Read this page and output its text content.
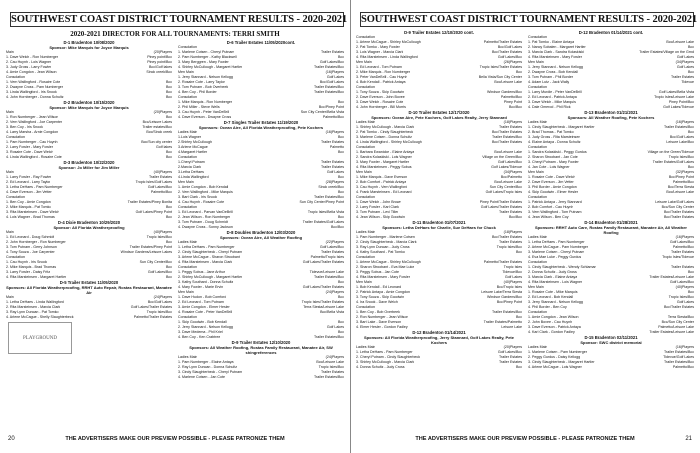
SOUTHWEST COAST DISTRICT TOURNAMENT RESULTS - 2020-2021
2020-2021 DIRECTOR FOR ALL TOURNAMENTS: TERRI SMITH
D-1 Bradenton 10/08/2020
Sponsor: Mike Marquis for Joyce Marquis
Main	(20)Players
1. Dave Welch - Ron Numberger	Piney point/Bcc
2. Cau Huynh - Lois Wagner	Piney point/Bcc
3. Judy Gross - Larry Fowler	Bcc/Golf lakes
4. Arnie Congdon - Jean Wilson	Sinck creek/Bcc
Consolation
1. Vern Wallingford - Rosaire Cote	Bcc
2. Dwayne Cross - Pam Numberger	Bcc
3. Linda Wallingford - Iris Snook	Bcc
4. John Hornberger - Donna Schultz	Bcc
D-2 Bradenton 10/15/2020
Sponsor: Mike Marquis for Joyce Marquis
Main	(20)Players
1. Ron Numberger - Jean Wilson	Bcc
2. Vern Wallingford - Joe Carpenter	Bcc/Leisure Lakes
3. Ben Coy - Iris Snook	Trailer estates/Bcc
4. Larry Marsha - Arnie Congdon	Bcc/Sinck creek
Consolation
1. Pam Numberger - Cau Huynh	Bcc/Sun city center
2. Larry Fowler - Mary Fowler	Golf lakes
3. Rosaire Cote - Dave Welch	Bcc
4. Linda Wallingford - Rosaire Cote	Bcc
D-3 Bradenton 10/22/2020
Sponsor: Jo Miller for Jim Miller
Main	(40)Players
1. Larry Fowler - Ray Fowler	Trailer Estates
2. Ed Leonard - Larry Taylor	Tropic Isles/Golf Lakes
3. Letha DeHaes - Pam Numberger	Golf Lakes/Bcc
4. Dave Everson - Jim Vetter	Palmetto/Bcc
Consolation
1. Ben Coy - Arnie Congdon	Trailer Estates/Piney Bonita
2. Mike Marquis - Pat Tomko	Bcc
3. Rita Marsteinsen - Dave Welch	Golf Lakes/Piney Point
4. Lois Wagner - Brad Thomas	Bcc
D-4 Dixie Bradenton 10/29/2020
Sponsor: All Florida Weatherproofing
Main	(40)Players
1. Ed Leonard - Doug Schmidt	Tropic Isles/Bcc
2. John Hornberger - Ron Numberger	Bcc
3. Tom Putnam - Gerry Johnson	Trailer Estates/Piney Point
4. Tony Souza - Joe Carpenter	Windsor Gardens/Leisure Lakes
Consolation
1. Cau Huynh - Iris Snook	Sun City Center/Bcc
2. Mike Marquis - Brad Thomas	Bcc
3. Larry Fowler - Daisy Fritz	Golf Lakes/Bcc
4. Rita Marsteinsen - Margaret Hartler	Bcc
D-5 Trailer Estates 11/05/2020
Sponsors: All Florida Weatherproofing, RRHT Auto Repair, Rostas Restaurant, Manatee Air
Main	(24)Players
1. Letha DeHaes - Linda Wallingford	Bcc/Golf Lakes
2. Rita Marsteinsen - Marcia Clark	Golf Lakes/Trailer Estates
3. Ray Lynn Duncan - Pat Tomko	Tropic Isles/Bcc
4. Arlene McCague - Shelly Slaughterbeck	Palmetto/Trailer Estates
PLAYGROUND
D-6 Trailer Estates 11/05/2020cont.
Consolation
1. Marlene Cotsen - Cheryl Putnam	Trailer Estates
2. Pam Numberger - Kathy Blackwell	Bcc
3. Mary Berggren - Mary Fowler	Golf Lakes/Bcc
4. Shirley McCullough - Margaret Hartler	Trailer Estates/Bcc
Men Main	(16)Players
1. Jerry Stannard - Nelson Kellogg	Golf Lakes
2. Rosaire Cote - Larry Taylor	Bcc/Golf Lakes
3. Tom Putnam - Bob Overbeek	Trailer Estates/Bcc
4. Ben Coy - Phil Border	Trailer Estates/Bcc
Consolation
1. Mike Marquis - Ron Numberger	Bcc
2. Phil Miller - Steve Wells	Bcc/Piney Point
3. Cau Huynh - Peter VanDeBrill	Sun City Center/Bella Vista
4. Dave Everson - Dwayne Cross	Palmetto/Bcc
D-7 Singles Trailer Estates 11/19/2020
Sponsors: Ocean Aire, All Florida Weatherproofing, Pete Kochers
Ladies Main	(16)Players
1.Lois Wagner	Bcc
2.Shirley McCullough	Trailer Estates
3.Arlene McCague	Palmetto
4.Margaret Hartler	Bcc
Consolation
1.Cheryl Putnam	Trailer Estates
2.Marcia Clark	Trailer Estates
3.Letha DeHaes	Golf Lakes
4.Linda Wallingford	Bcc
Men Main	(28)Players
1. Arnie Congdon - Bob Kendall	Sinck creek/Bcc
2. Vern Wallingford - Mike Marquis	Bcc
3. Bart Clark - Iris Snook	Trailer Estates/Bcc
4. Cau Huynh - Rosaire Cote	Sun City Center/Piney Point
Consolation
1. Ed Leonard - Parvan VanDeBrill	Tropic Isles/Bella Vista
2. Jean Wilson - Ron Numberger	Bcc
3. Tom Putnam - Doug Schmidt	Trailer Estates/Golf Lakes
4. Dwayne Cross - Sonny Jackson	Bcc/Bcc
D-8 Doubles Bradenton 12/03/2020
Sponsors: Ocean Aire, All Weather Roofing
Ladies Main	(22)Players
1. Letha DeHaes - Pam Numberger	Golf Lakes/Bcc
2. Cindy Slaughterbeck - Cheryl Putnam	Trailer Estates
3. Arlene McCague - Sharon Stroobant	Palmetto/Tropic Isles
4. Rita Marsteinsen - Marcia Clark	Golf Lakes/Trailer Estates
Consolation
1. Peggy Sobus - Jane Arthur	Tidevue/Leisure Lake
2. Shirley McCullough - Margaret Hartler	Trailer Estates/Bcc
3. Kathy Southard - Donna Schultz	Bcc
4. Mary Fowler - Marie Ervin	Golf Lakes/Trailer Estates
Men Main	(24)Players
1. Dave Hudon - Bob Comford	Bcc
2. Ed Leonard - Tom Putnam	Tropic Isles/Trailer Estates
3. Arnie Congdon - Elmer Hesler	Terra Siesta/Leisure Lake
4. Rosaire Cote - Peter VanDeBrill	Bcc/Bella Vista
Consolation
1. Skip Goodwin - Bob Kendall	Bcc
2. Jerry Stannard - Nelson Kellogg	Golf Lakes
3. Dave Medema - Phil Kriel	Bcc
4. Ben Coy - Ken Crabtree	Trailer Estates/Bcc
D-9 Trailer Estates 12/10/2020
Sponsors: All Weather Roofing, Rostas Family Restaurant, Manatee Air, SW shingreferences
Ladies Main	(24)Players
1. Pam Numberger - Elaine Antaya	Bcc/Leisure Lake
2. Ray Lynn Duncan - Donna Schultz	Tropic Isles/Bcc
3. Cindy Slaughterbeck - Cheryl Putnam	Trailer Estates
4. Marlene Cotsen - Jan Cote	Trailer Estates/Bcc
20	THE ADVERTISERS MAKE OUR PREVIEW POSSIBLE - PLEASE PATRONIZE THEM
SOUTHWEST COAST DISTRICT TOURNAMENT RESULTS - 2020-2021
D-9 Trailer Estates 12/10/2020 cont.
Consolation
1. Arlene McCague - Shirley McCullough	Palmetto/Trailer Estates
2. Pat Tomko - Mary Fowler	Bcc/Golf Lakes
3. Lois Wagner - Marcia Clark	Bcc/Trailer Estates
4. Rita Marsteinsen - Linda Wallingford	Golf Lakes/Bcc
Men Main	(26)Players
1. Ed Leonard - Tom Putnam	Tropic Isles/Trailer Estates
2. Mike Marquis - Ron Numberger	Bcc
3. Peter VanDeBrill - Cau Huynh	Bella Vista/Sun City Center
4. Bob Kendall - Patrick Antaya	Bcc/Leisure Lake
Consolation
1. Tony Souza - Skip Goodwin	Windsor Gardens/Bcc
2. Dave Everson - John Bovee	Palmetto/Bcc
3. Dave Welch - Rosaire Cote	Piney Point
4. John Hornberger - Bill Morris	Bcc/Bcc
D-10 Trailer Estates 12/17/2020
Sponsors: Ocean Aire, Pete Kochers, Golf Lakes Realty, Jerry Stannard
Ladies Main	(18)Players
1. Shirley McCullough - Marcia Clark	Trailer Estates
2. Pat Tomko - Cindy Slaughterbeck	Bcc/Trailer Estates
3. Marlene Cotsen - Donna Schultz	Trailer Estates/Bcc
4. Linda Wallingford - Shirley McCullough	Bcc/Trailer Estates
Consolation
1. Barbara Ewanicke - Elaine Antaya	Bcc/Leisure Lake
2. Sandra Kolaskiski - Lois Wagner	Village on the Green/Bcc
3. Mary Fowler - Margaret Hartler	Golf Lakes/Bcc
4. Rita Marsteinsen - Peggy Sobus	Golf Lakes/Tidevue
Men Main	(34)Players
1. Mike Marquis - Dave Everson	Bcc/Palmetto
2. Bob Comfort - Patrick Antaya	Bcc/Leisure Lake
3. Cau Huynh - Vern Wallingford	Sun City Center/Bcc
4. Frank Marsteinsen - Ed Leonard	Golf Lakes/Tropic Isles
Consolation
1. Dave Welch - John Brown	Piney Point/Trailer Estates
2. Larry Fowler - Karl Clark	Golf Lakes/Trailer Estates
3. Tom Putnam - Levi Tiller	Trailer Estates
4. Jean Wilson - Skip Goodwin	Bcc/Bcc
D-11 Bradenton 01/07/2021
Sponsors: Letha DeHaes for Charlie, Sue DeHaes for Chuck
Ladies Main	(18)Players
1. Pam Numberger - Marlene Cotsen	Bcc/Trailer Estates
2. Cindy Slaughterbeck - Marcia Clark	Trailer Estates
3. Ray Lynn Duncan - Judy Cross	Tropic Isles/Bcc
4. Kathy Southard - Pat Tomko	Bcc
Consolation
1. Arlene McCague - Shirley McCullough	Palmetto/Trailer Estates
2. Sharon Stroobant - Eva Mae Luke	Tropic Isles
3. Peggy Sobus - Jan Cote	Tidevue/Bcc
4. Rita Marsteinsen - Mary Fowler	Golf Lakes
Men Main	(40)Players
1. Bob Kendall - Ed Leonard	Bcc/Tropic Isles
2. Patrick Antaya - Arnie Congdon	Leisure Lake/Terra Siesta
3. Tony Souza - Skip Goodwin	Windsor Gardens/Bcc
4. Ira Snook - Dave Welch	Bcc/Piney Point
Consolation
1. Ben Coy - Bob Overbeek	Trailer Estates/Bcc
2. Ron Numberger - Jean Wilson	Bcc
3. Bart Lake - Dave Everson	Trailer Estates/Palmetto
4. Elmer Hesler - Gordon Fadley	Leisure Lake
D-12 Bradenton 01/14/2021
Sponsors: All Florida Weatherproofing, Jerry Stannard, Golf Lakes Realty, Pete Kochers
Ladies Main	(20)Players
1. Letha DeHaes - Pam Numberger	Golf Lakes/Bcc
2. Cheryl Putnam - Cindy Slaughterbeck	Trailer Estates
3. Shirley McCullough - Marcia Clark	Trailer Estates
4. Donna Schultz - Judy Cross	Bcc
D-12 Bradenton 01/14/2021 cont.
Consolation
1. Pat Tomko - Elaine Antaya	Bcc/Leisure Lake
2. Nancy Sobalen - Margaret Hartler	Bcc
3. Marcia Clark - Sandra Kolaskiski	Trailer Estates/Village on the Grnd
4. Rita Marsteinsen - Mary Fowler	Golf Lakes
Men Main	(34)Players
1. Jerry Stannard - Nelson Kellogg	Golf Lakes
2. Dwayne Cross - Bob Kendall	Bcc
3. Tom Putnam - Phil Border	Trailer Estates
4. Adam Lutz - Jack Wally	Tidevue
Consolation
1. Larry Murdie - Peter VanDeBrill	Golf Lakes/Bella Vista
2. Ed Leonard - Patrick Antaya	Tropic Isles/Leisure Lake
3. Dave Welch - Mike Marquis	Piney Point/Bcc
4. Dale Omerod - Phil Rick	Golf Lakes/Tidevue
D-13 Bradenton 01/21/2021
Sponsors: All Weather Roofing, Pete Kochers
Ladies Main	(16)Players
1. Cindy Slaughterbeck - Margaret Hartler	Trailer Estates/Bcc
2. Brad Thomas - Pat Tomko	Bcc
3. Judy Gross - Rita Marsteinsen	Bcc/Golf Lakes
4. Elaine Antaya - Donna Schultz	Leisure Lake/Bcc
Consolation
1. Sandra Kolaskiski - Peggy Gurdus	Village on the Green/Tidevue
2. Sharon Stroobant - Jan Cote	Tropic Isles/Bcc
3. Cheryl Putnam - Mary Fowler	Trailer Estates/Golf Lakes
4. Jan Cote - Lois Wagner	Bcc
Men Main	(32)Players
1. Rosaire Cote - Dave Welch	Bcc/Piney Point
2. Dave Everson - Jim Vetter	Palmetto/Bcc
3. Phil Border - Arnie Congdon	Bcc/Terra Siesta
4. Skip Goodwin - Elmer Hesler	Bcc/Leisure Lake
Consolation
1. Patrick Antaya - Jerry Stannard	Leisure Lake/Golf Lakes
2. Bob Comfort - Cau Huynh	Bcc/Sun City Center
3. Vern Wallingford - Tom Putnam	Bcc/Trailer Estates
4. Jean Wilson - Ben Coy	Bcc/Trailer Estates
D-14 Bradenton 01/28/2021
Sponsors: RRHT Auto Care, Rostas Family Restaurant, Manatee Air, All Weather Roofing
Ladies Main	(16)Players
1. Letha DeHaes - Pam Numberger	Golf Lakes/Bcc
2. Arlene McCague - Pam Numberger	Palmetto/Bcc
3. Marlene Cotsen - Cheryl Putnam	Trailer Estates
4. Eva Mae Luke - Peggy Gurdus	Tropic Isles/Tidevue
Consolation
1. Cindy Slaughterbeck - Wendy Schlaman	Trailer Estates
2. Donna Schultz - Judy Gross	Bcc
3. Marcia Clark - Elaine Antaya	Trailer Estates/Leisure Lake
4. Rita Marsteinsen - Lois Wagner	Golf Lakes/Bcc
Men Main	(40)Players
1. Rosaire Cote - Mike Marquis	Bcc
2. Ed Leonard - Bob Kendall	Tropic Isles/Bcc
3. Jerry Stannard - Nelson Kellogg	Golf Lakes
4. Phil Border - Ben Coy	Bcc/Trailer Estates
Consolation
1. Arnie Congdon - Jean Wilson	Terra Siesta/Bcc
2. John Bovee - Cau Huynh	Bcc/Sun City Center
3. Dave Everson - Patrick Antaya	Palmetto/Leisure Lake
4. Karl Clark - Gordon Fadley	Trailer Estates/Leisure Lake
D-15 Bradenton 02/11/2021
Sponsor: SWC district memorial
Ladies Main	(16)Players
1. Marlene Cotsen - Pam Numberger	Trailer Estates/Bcc
2. Peggy Gurdus - Daisy Kellogg	Tidevue/Golf Lakes
3. Cindy Slaughterbeck - Margaret Hartler	Trailer Estates/Bcc
4. Arlene McCague - Lois Wagner	Palmetto/Bcc
21
THE ADVERTISERS MAKE OUR PREVIEW POSSIBLE - PLEASE PATRONIZE THEM
